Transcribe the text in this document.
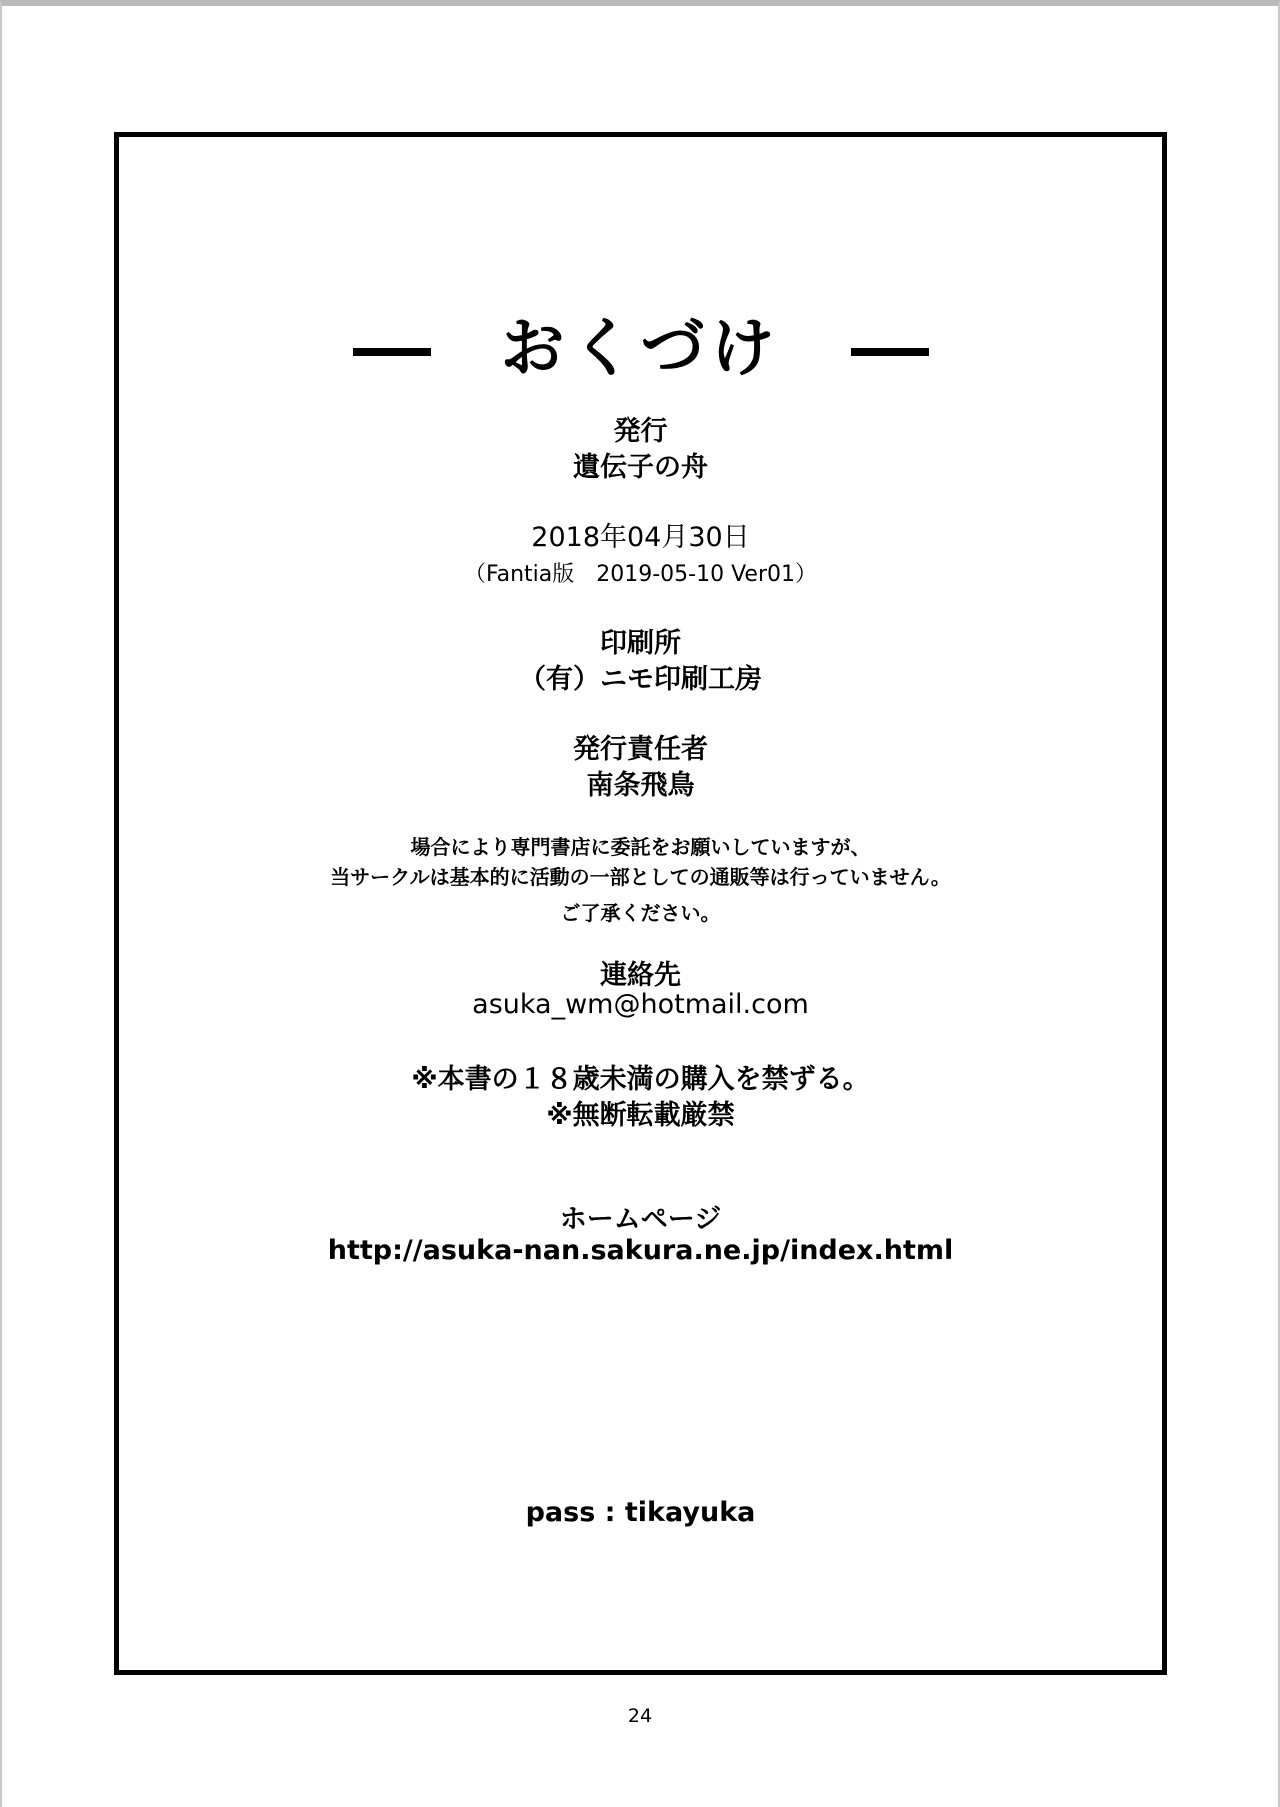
おくづけ
発行
遺伝子の舟
2018年04月30日
（Fantia版　2019-05-10 Ver01）
印刷所
（有）ニモ印刷工房
発行責任者
南条飛鳥
場合により専門書店に委託をお願いしていますが、
当サークルは基本的に活動の一部としての通販等は行っていません。
ご了承ください。
連絡先
asuka_wm@hotmail.com
※本書の１８歳未満の購入を禁ずる。
※無断転載厳禁
ホームページ
http://asuka-nan.sakura.ne.jp/index.html
pass : tikayuka
24
